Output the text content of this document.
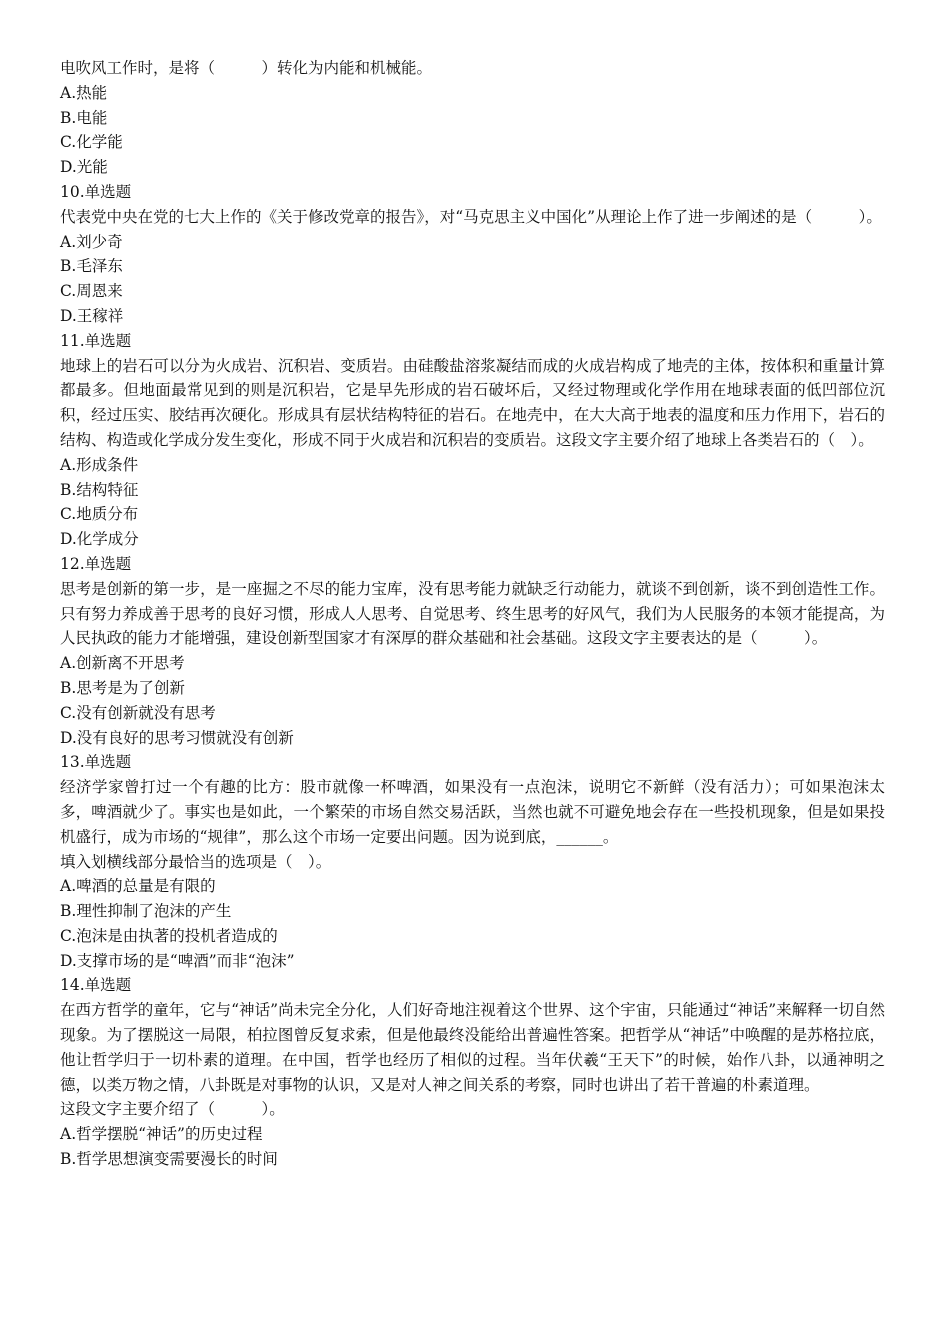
电吹风工作时，是将（　　　）转化为内能和机械能。

A.热能

B.电能

C.化学能

D.光能

10.单选题

代表党中央在党的七大上作的《关于修改党章的报告》，对“马克思主义中国化”从理论上作了进一步阐述的是（　　　）。

A.刘少奇

B.毛泽东

C.周恩来

D.王稼祥

11.单选题

地球上的岩石可以分为火成岩、沉积岩、变质岩。由硅酸盐溶浆凝结而成的火成岩构成了地壳的主体，按体积和重量计算都最多。但地面最常见到的则是沉积岩，它是早先形成的岩石破坏后，又经过物理或化学作用在地球表面的低凹部位沉积，经过压实、胶结再次硬化。形成具有层状结构特征的岩石。在地壳中，在大大高于地表的温度和压力作用下，岩石的结构、构造或化学成分发生变化，形成不同于火成岩和沉积岩的变质岩。这段文字主要介绍了地球上各类岩石的（　）。

A.形成条件

B.结构特征

C.地质分布

D.化学成分

12.单选题

思考是创新的第一步，是一座掘之不尽的能力宝库，没有思考能力就缺乏行动能力，就谈不到创新，谈不到创造性工作。只有努力养成善于思考的良好习惯，形成人人思考、自觉思考、终生思考的好风气，我们为人民服务的本领才能提高，为人民执政的能力才能增强，建设创新型国家才有深厚的群众基础和社会基础。这段文字主要表达的是（　　　）。

A.创新离不开思考

B.思考是为了创新

C.没有创新就没有思考

D.没有良好的思考习惯就没有创新

13.单选题

经济学家曾打过一个有趣的比方：股市就像一杯啤酒，如果没有一点泡沫，说明它不新鲜（没有活力）；可如果泡沫太多，啤酒就少了。事实也是如此，一个繁荣的市场自然交易活跃，当然也就不可避免地会存在一些投机现象，但是如果投机盛行，成为市场的“规律”，那么这个市场一定要出问题。因为说到底，______。

填入划横线部分最恰当的选项是（　）。

A.啤酒的总量是有限的

B.理性抑制了泡沫的产生

C.泡沫是由执著的投机者造成的

D.支撑市场的是“啤酒”而非“泡沫”

14.单选题

在西方哲学的童年，它与“神话”尚未完全分化，人们好奇地注视着这个世界、这个宇宙，只能通过“神话”来解释一切自然现象。为了摆脱这一局限，柏拉图曾反复求索，但是他最终没能给出普遍性答案。把哲学从“神话”中唤醒的是苏格拉底，他让哲学归于一切朴素的道理。在中国，哲学也经历了相似的过程。当年伏羲“王天下”的时候，始作八卦，以通神明之德，以类万物之情，八卦既是对事物的认识，又是对人神之间关系的考察，同时也讲出了若干普遍的朴素道理。

这段文字主要介绍了（　　　）。

A.哲学摆脱“神话”的历史过程

B.哲学思想演变需要漫长的时间
